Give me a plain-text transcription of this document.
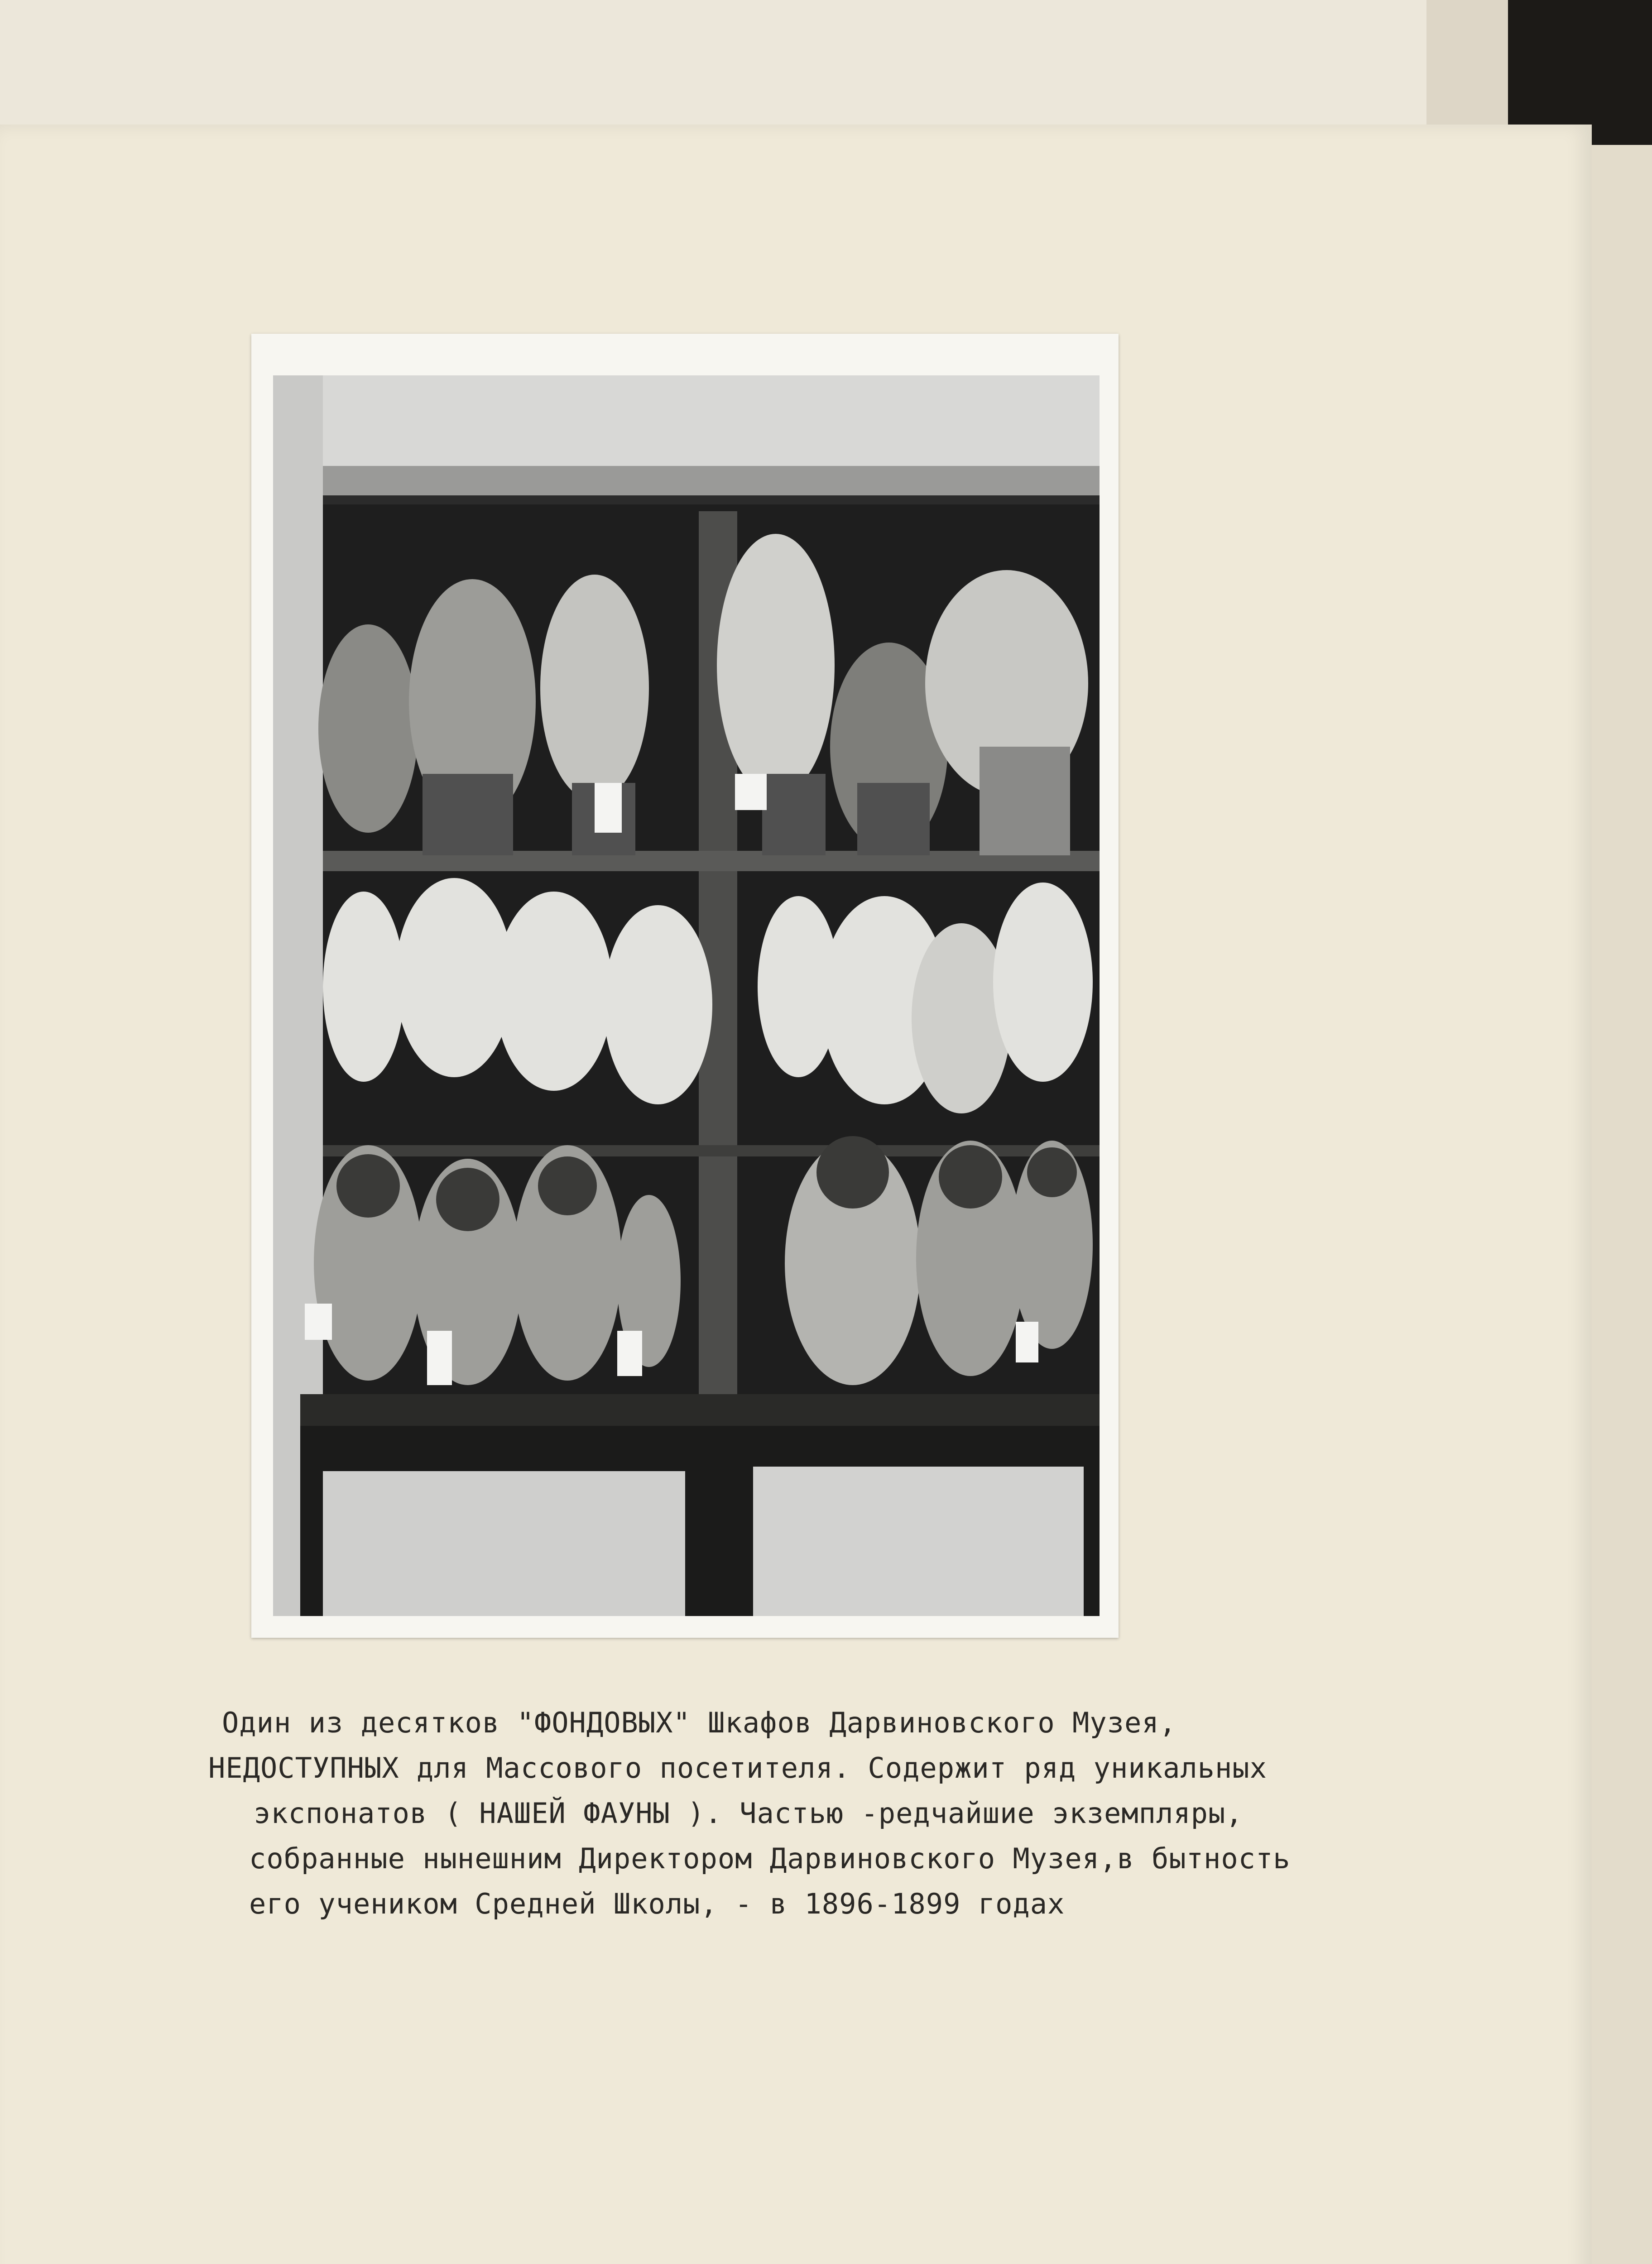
Один из десятков "ФОНДОВЫХ" Шкафов Дарвиновского Музея,
НЕДОСТУПНЫХ для Массового посетителя. Содержит ряд уникальных
экспонатов ( НАШЕЙ ФАУНЫ ). Частью -редчайшие экземпляры,
собранные нынешним Директором Дарвиновского Музея,в бытность
его учеником Средней Школы, - в 1896-1899 годах
